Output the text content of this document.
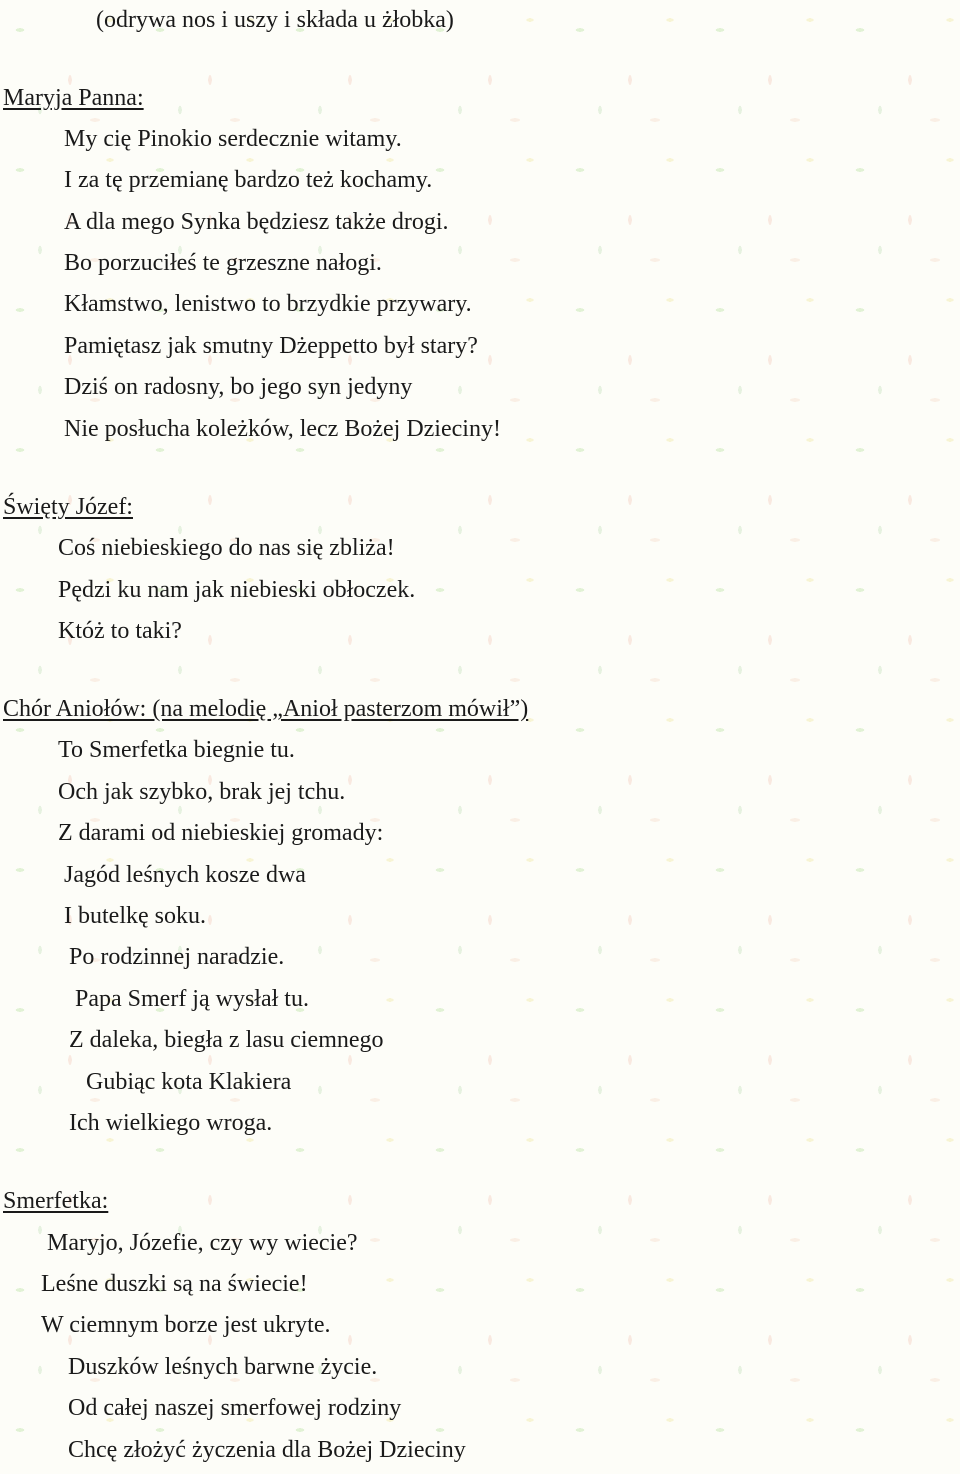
(odrywa nos i uszy i składa u żłobka)

Maryja Panna:

My cię Pinokio serdecznie witamy.

I za tę przemianę bardzo też kochamy.

A dla mego Synka będziesz także drogi.

Bo porzuciłeś te grzeszne nałogi.

Kłamstwo, lenistwo to brzydkie przywary.

Pamiętasz jak smutny Dżeppetto był stary?

Dziś on radosny, bo jego syn jedyny

Nie posłucha koleżków, lecz Bożej Dzieciny!

Święty Józef:

Coś niebieskiego do nas się zbliża!

Pędzi ku nam jak niebieski obłoczek.

Któż to taki?

Chór Aniołów: (na melodię „Anioł pasterzom mówił”)

To Smerfetka biegnie tu.

Och jak szybko, brak jej tchu.

Z darami od niebieskiej gromady:

Jagód leśnych kosze dwa

I butelkę soku.

Po rodzinnej naradzie.

Papa Smerf ją wysłał tu.

Z daleka, biegła z lasu ciemnego

Gubiąc kota Klakiera

Ich wielkiego wroga.

Smerfetka:

Maryjo, Józefie, czy wy wiecie?

Leśne duszki są na świecie!

W ciemnym borze jest ukryte.

Duszków leśnych barwne życie.

Od całej naszej smerfowej rodziny

Chcę złożyć życzenia dla Bożej Dzieciny
